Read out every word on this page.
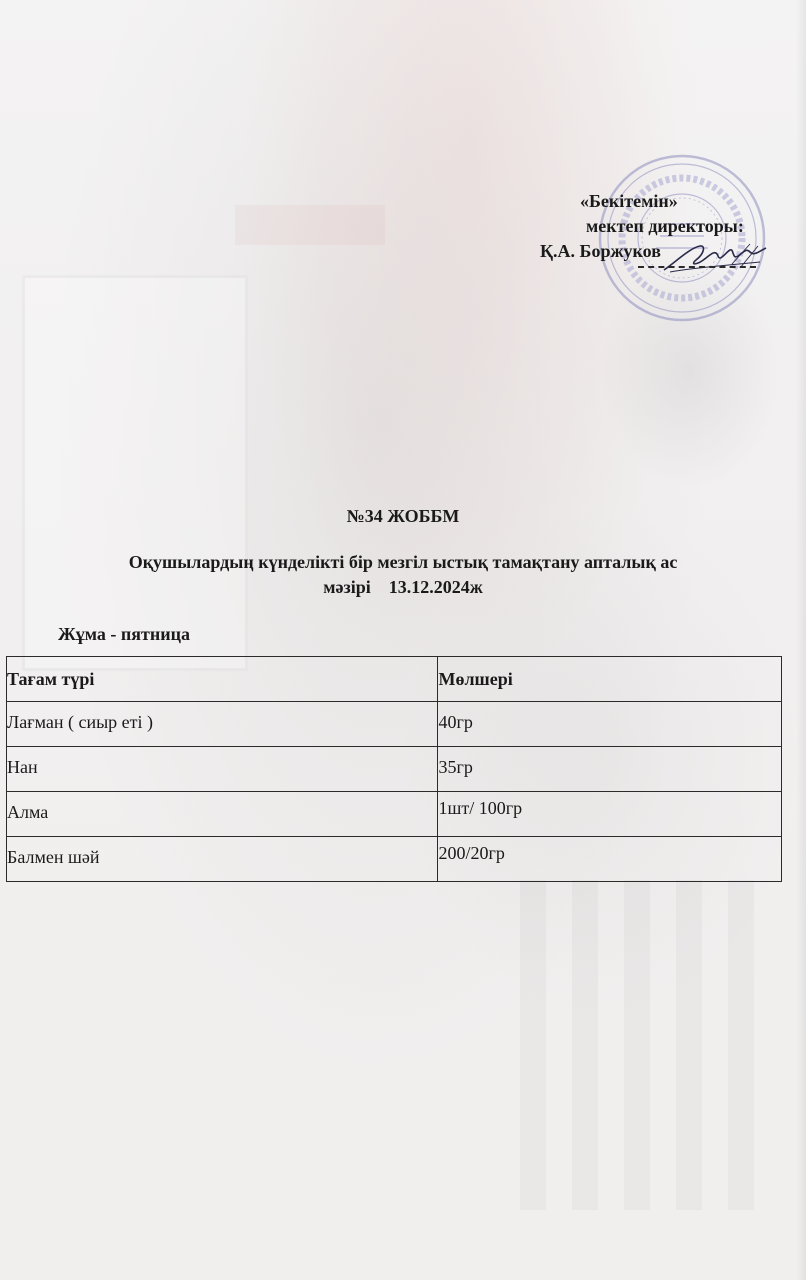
«Бекітемін»
мектеп директоры:
Қ.А. Боржуков
№34 ЖОББМ
Оқушылардың күнделікті бір мезгіл ыстық тамақтану апталық ас
мәзірі 13.12.2024ж
Жұма - пятница
Тағам түрі	Мөлшері

Лағман ( сиыр еті )	40гр

Нан	35гр

Алма	1шт/ 100гр

Балмен шәй	200/20гр
